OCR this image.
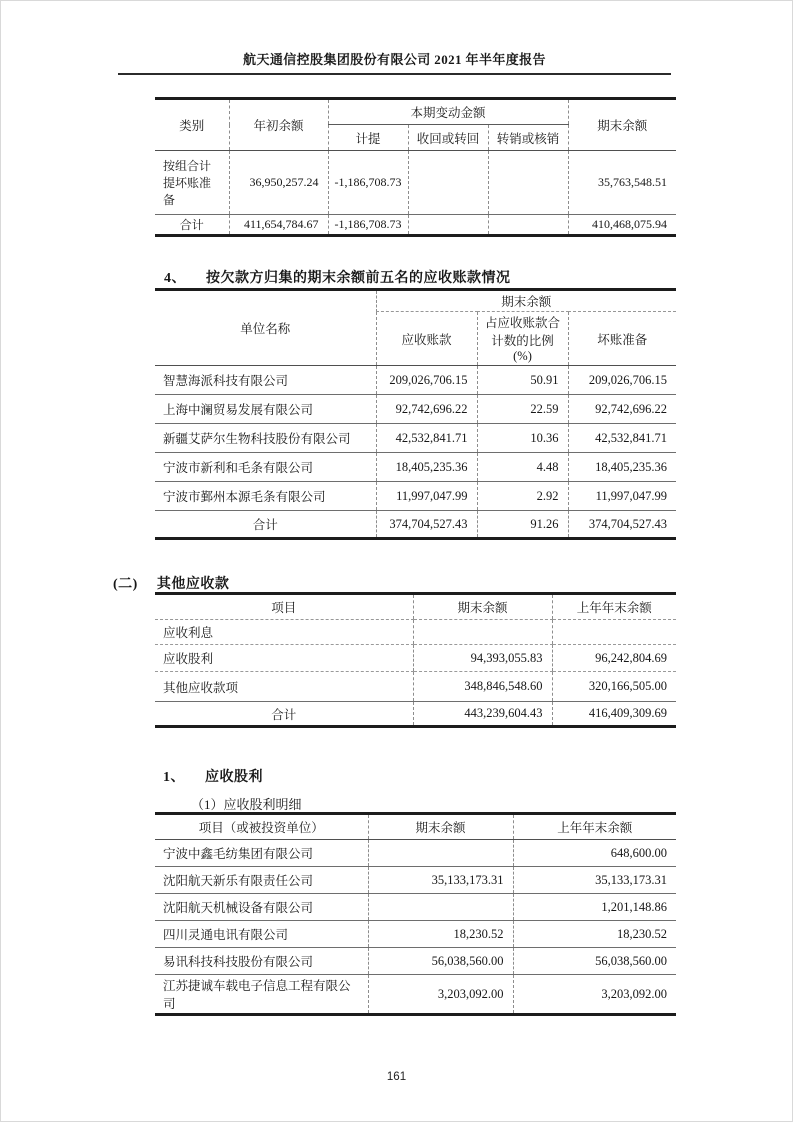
航天通信控股集团股份有限公司 2021 年半年度报告
类别	年初余额	本期变动金额			期末余额
		计提	收回或转回	转销或核销	
按组合计提坏账准备	36,950,257.24	-1,186,708.73			35,763,548.51
合计	411,654,784.67	-1,186,708.73			410,468,075.94
4、 按欠款方归集的期末余额前五名的应收账款情况
单位名称	期末余额		
	应收账款	占应收账款合计数的比例(%)	坏账准备
智慧海派科技有限公司	209,026,706.15	50.91	209,026,706.15
上海中澜贸易发展有限公司	92,742,696.22	22.59	92,742,696.22
新疆艾萨尔生物科技股份有限公司	42,532,841.71	10.36	42,532,841.71
宁波市新利和毛条有限公司	18,405,235.36	4.48	18,405,235.36
宁波市鄞州本源毛条有限公司	11,997,047.99	2.92	11,997,047.99
合计	374,704,527.43	91.26	374,704,527.43
(二) 其他应收款
项目	期末余额	上年年末余额
应收利息		
应收股利	94,393,055.83	96,242,804.69
其他应收款项	348,846,548.60	320,166,505.00
合计	443,239,604.43	416,409,309.69
1、 应收股利
（1）应收股利明细
项目（或被投资单位）	期末余额	上年年末余额
宁波中鑫毛纺集团有限公司		648,600.00
沈阳航天新乐有限责任公司	35,133,173.31	35,133,173.31
沈阳航天机械设备有限公司		1,201,148.86
四川灵通电讯有限公司	18,230.52	18,230.52
易讯科技科技股份有限公司	56,038,560.00	56,038,560.00
江苏捷诚车载电子信息工程有限公司	3,203,092.00	3,203,092.00
161
